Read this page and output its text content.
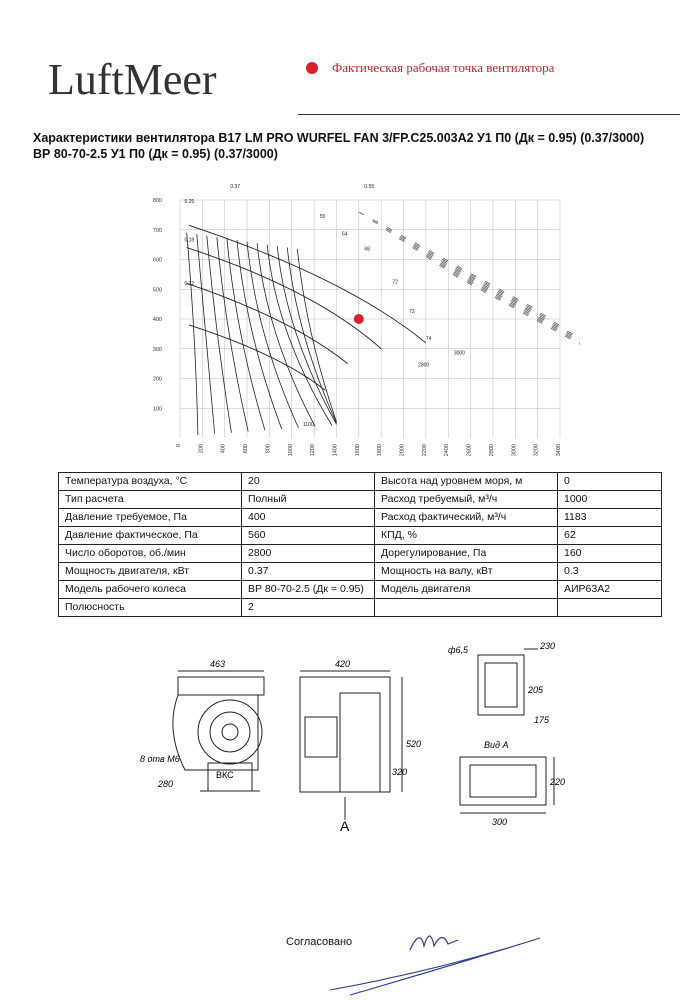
LuftMeer	Фактическая рабочая точка вентилятора
Характеристики вентилятора В17 LM PRO WURFEL FAN 3/FP.C25.003A2 У1 П0 (Дк = 0.95) (0.37/3000)
ВР 80-70-2.5 У1 П0 (Дк = 0.95) (0.37/3000)
0	200	400	600	800	1000	1200	1400	1600	1800	2000	2200	2400	2600	2800	3000	3200	3400
100
200
300
400
500
600
700
800
55
64
68
72
73
74
0.25
0.55
0.18
0.12
0.37
3000
2800
1100
Температура воздуха, °С	20	Высота над уровнем моря, м	0
Тип расчета	Полный	Расход требуемый, м³/ч	1000
Давление требуемое, Па	400	Расход фактический, м³/ч	1183
Давление фактическое, Па	560	КПД, %	62
Число оборотов, об./мин	2800	Дорегулирование, Па	160
Мощность двигателя, кВт	0.37	Мощность на валу, кВт	0.3
Модель рабочего колеса	ВР 80-70-2.5 (Дк = 0.95)	Модель двигателя	АИР63А2
Полюсность	2		
463
8 отв М6
280
ВКС
420
520
320
А
ф6,5	230
205
175
Вид А
220
300
Согласовано
